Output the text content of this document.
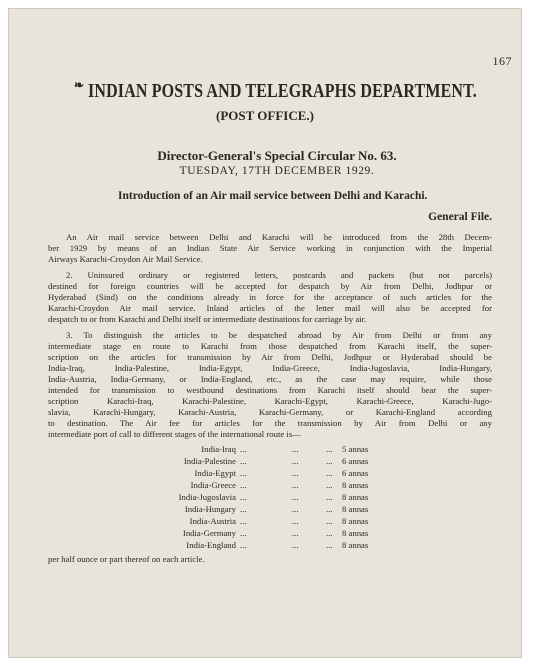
167
❧ INDIAN POSTS AND TELEGRAPHS DEPARTMENT.
(POST OFFICE.)
Director-General's Special Circular No. 63.
TUESDAY, 17TH DECEMBER 1929.
Introduction of an Air mail service between Delhi and Karachi.
General File.
An Air mail service between Delhi and Karachi will be introduced from the 28th Decem-
ber 1929 by means of an Indian State Air Service working in conjunction with the Imperial
Airways Karachi-Croydon Air Mail Service.
2. Uninsured ordinary or registered letters, postcards and packets (but not parcels)
destined for foreign countries will be accepted for despatch by Air from Delhi, Jodhpur or
Hyderabad (Sind) on the conditions already in force for the acceptance of such articles for the
Karachi-Croydon Air mail service. Inland articles of the letter mail will also be accepted for
despatch to or from Karachi and Delhi itself or intermediate destinations for carriage by air.
3. To distinguish the articles to be despatched abroad by Air from Delhi or from any
intermediate stage en route to Karachi from those despatched from Karachi itself, the super-
scription on the articles for transmission by Air from Delhi, Jodhpur or Hyderabad should be
India-Iraq, India-Palestine, India-Egypt, India-Greece, India-Jugoslavia, India-Hungary,
India-Austria, India-Germany, or India-England, etc., as the case may require, while those
intended for transmission to westbound destinations from Karachi itself should bear the super-
scription Karachi-Iraq, Karachi-Palestine, Karachi-Egypt, Karachi-Greece, Karachi-Jugo-
slavia, Karachi-Hungary, Karachi-Austria, Karachi-Germany, or Karachi-England according
to destination. The Air fee for articles for the transmission by Air from Delhi or any
intermediate port of call to different stages of the international route is—
India-Iraq ...	...	... 5 annas
India-Palestine ...	...	... 6 annas
India-Egypt ...	...	... 6 annas
India-Greece ...	...	... 8 annas
India-Jugoslavia ...	...	... 8 annas
India-Hungary ...	...	... 8 annas
India-Austria ...	...	... 8 annas
India-Germany ...	...	... 8 annas
India-England ...	...	... 8 annas
per half ounce or part thereof on each article.
